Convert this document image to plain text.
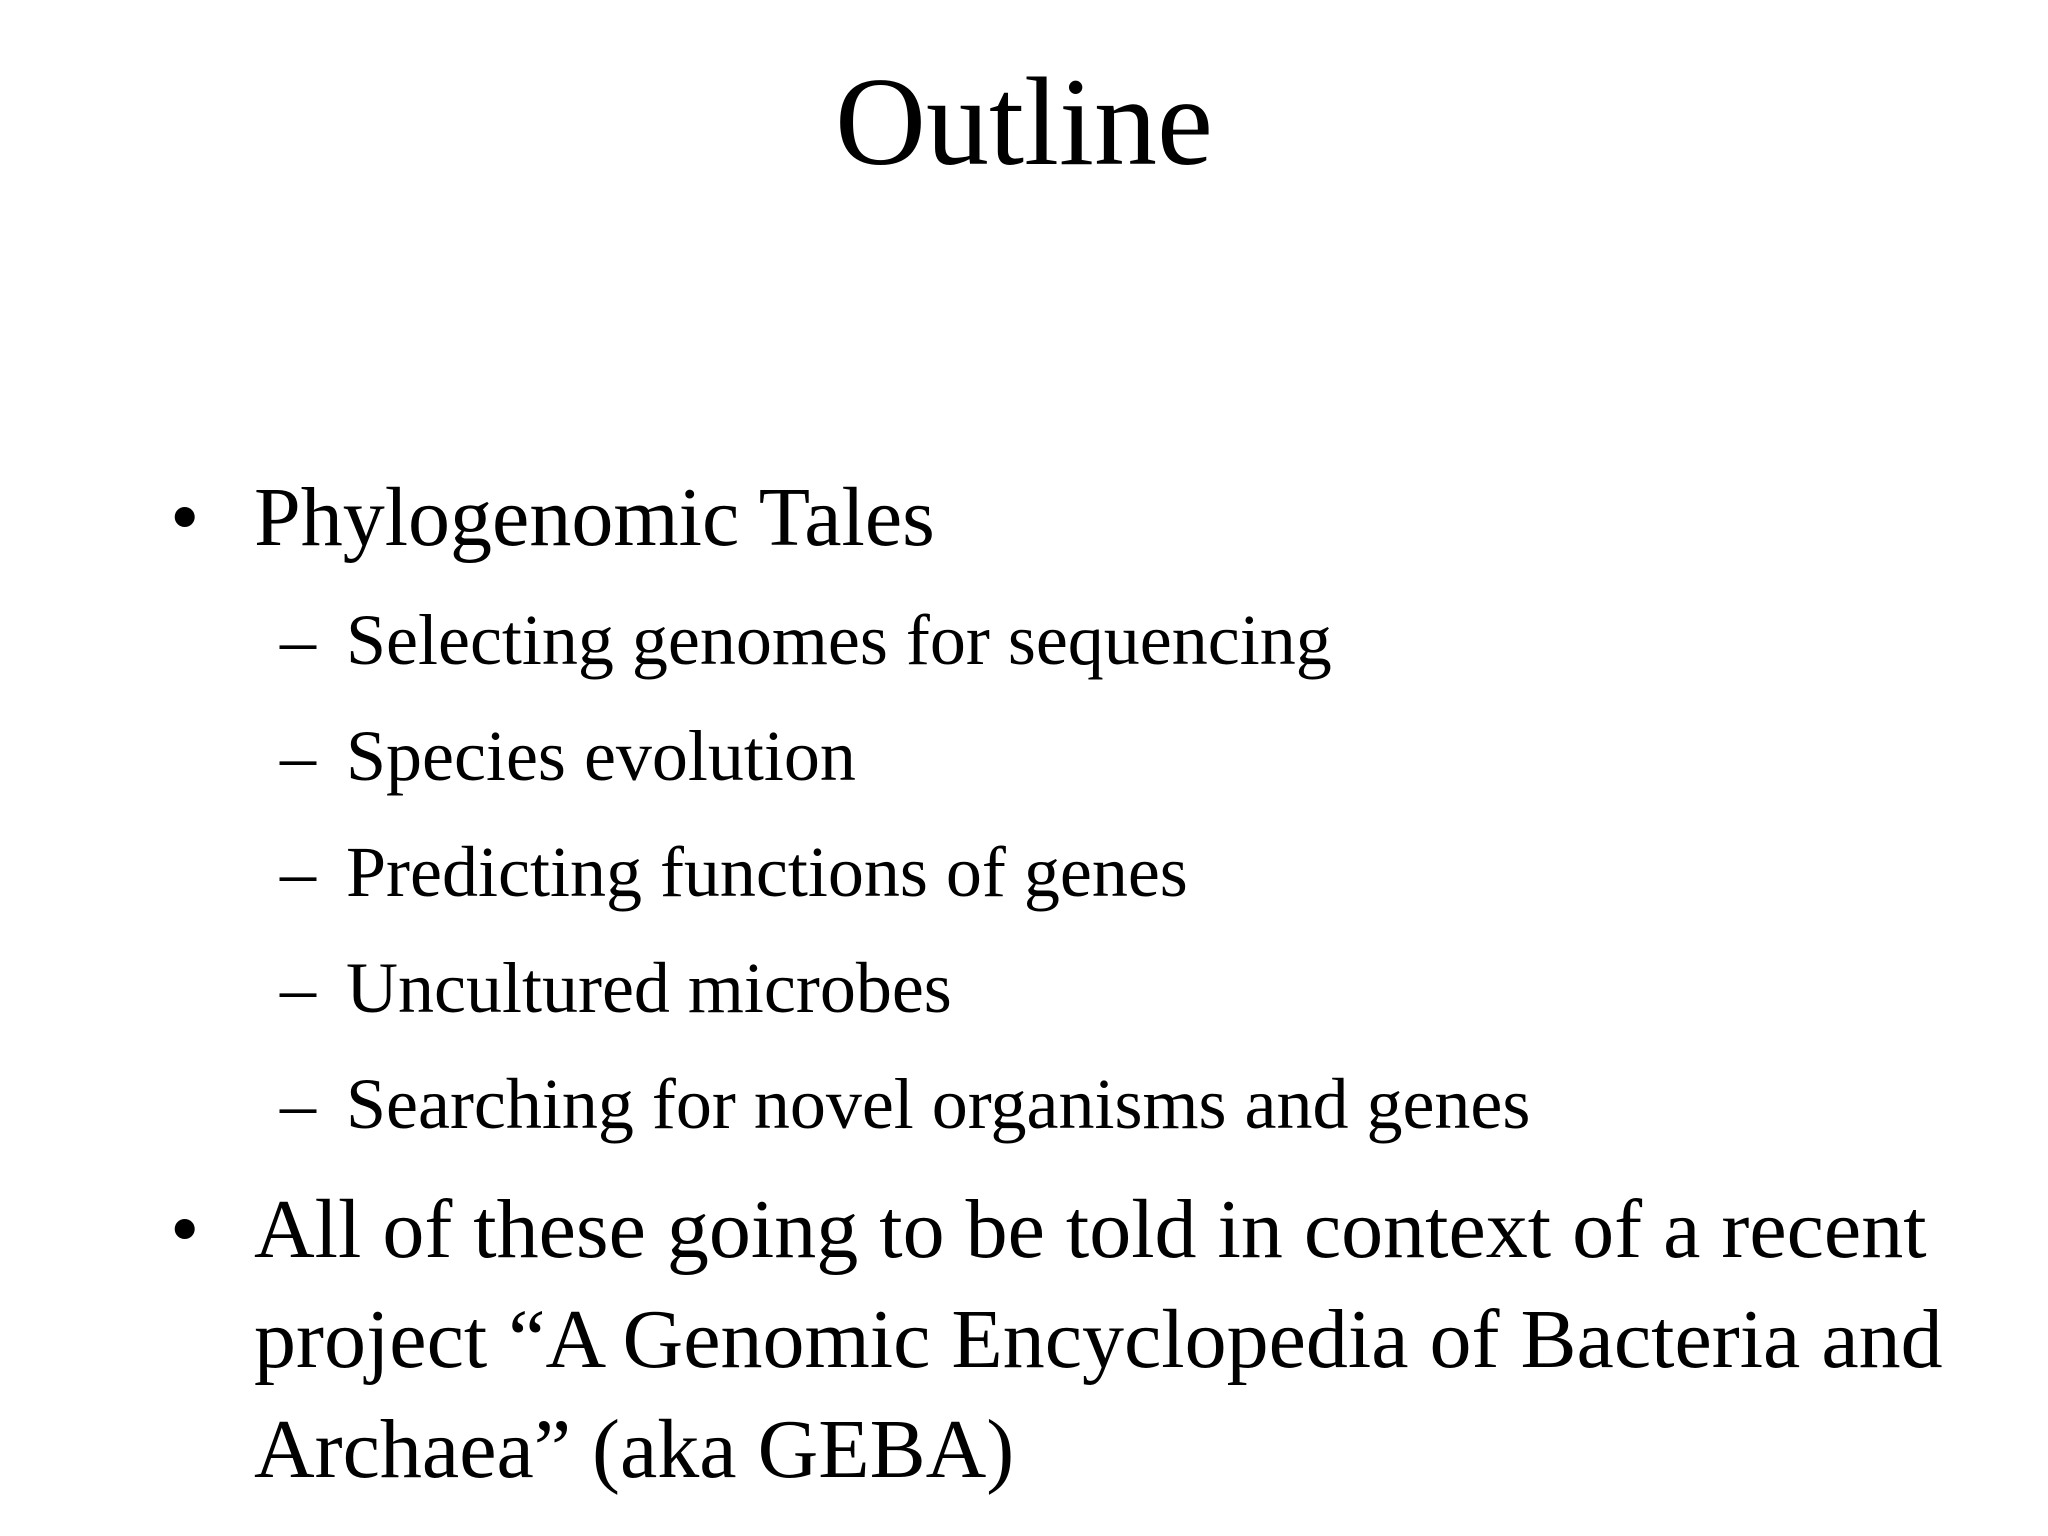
Outline
• Phylogenomic Tales
– Selecting genomes for sequencing
– Species evolution
– Predicting functions of genes
– Uncultured microbes
– Searching for novel organisms and genes
• All of these going to be told in context of a recent project “A Genomic Encyclopedia of Bacteria and Archaea” (aka GEBA)
